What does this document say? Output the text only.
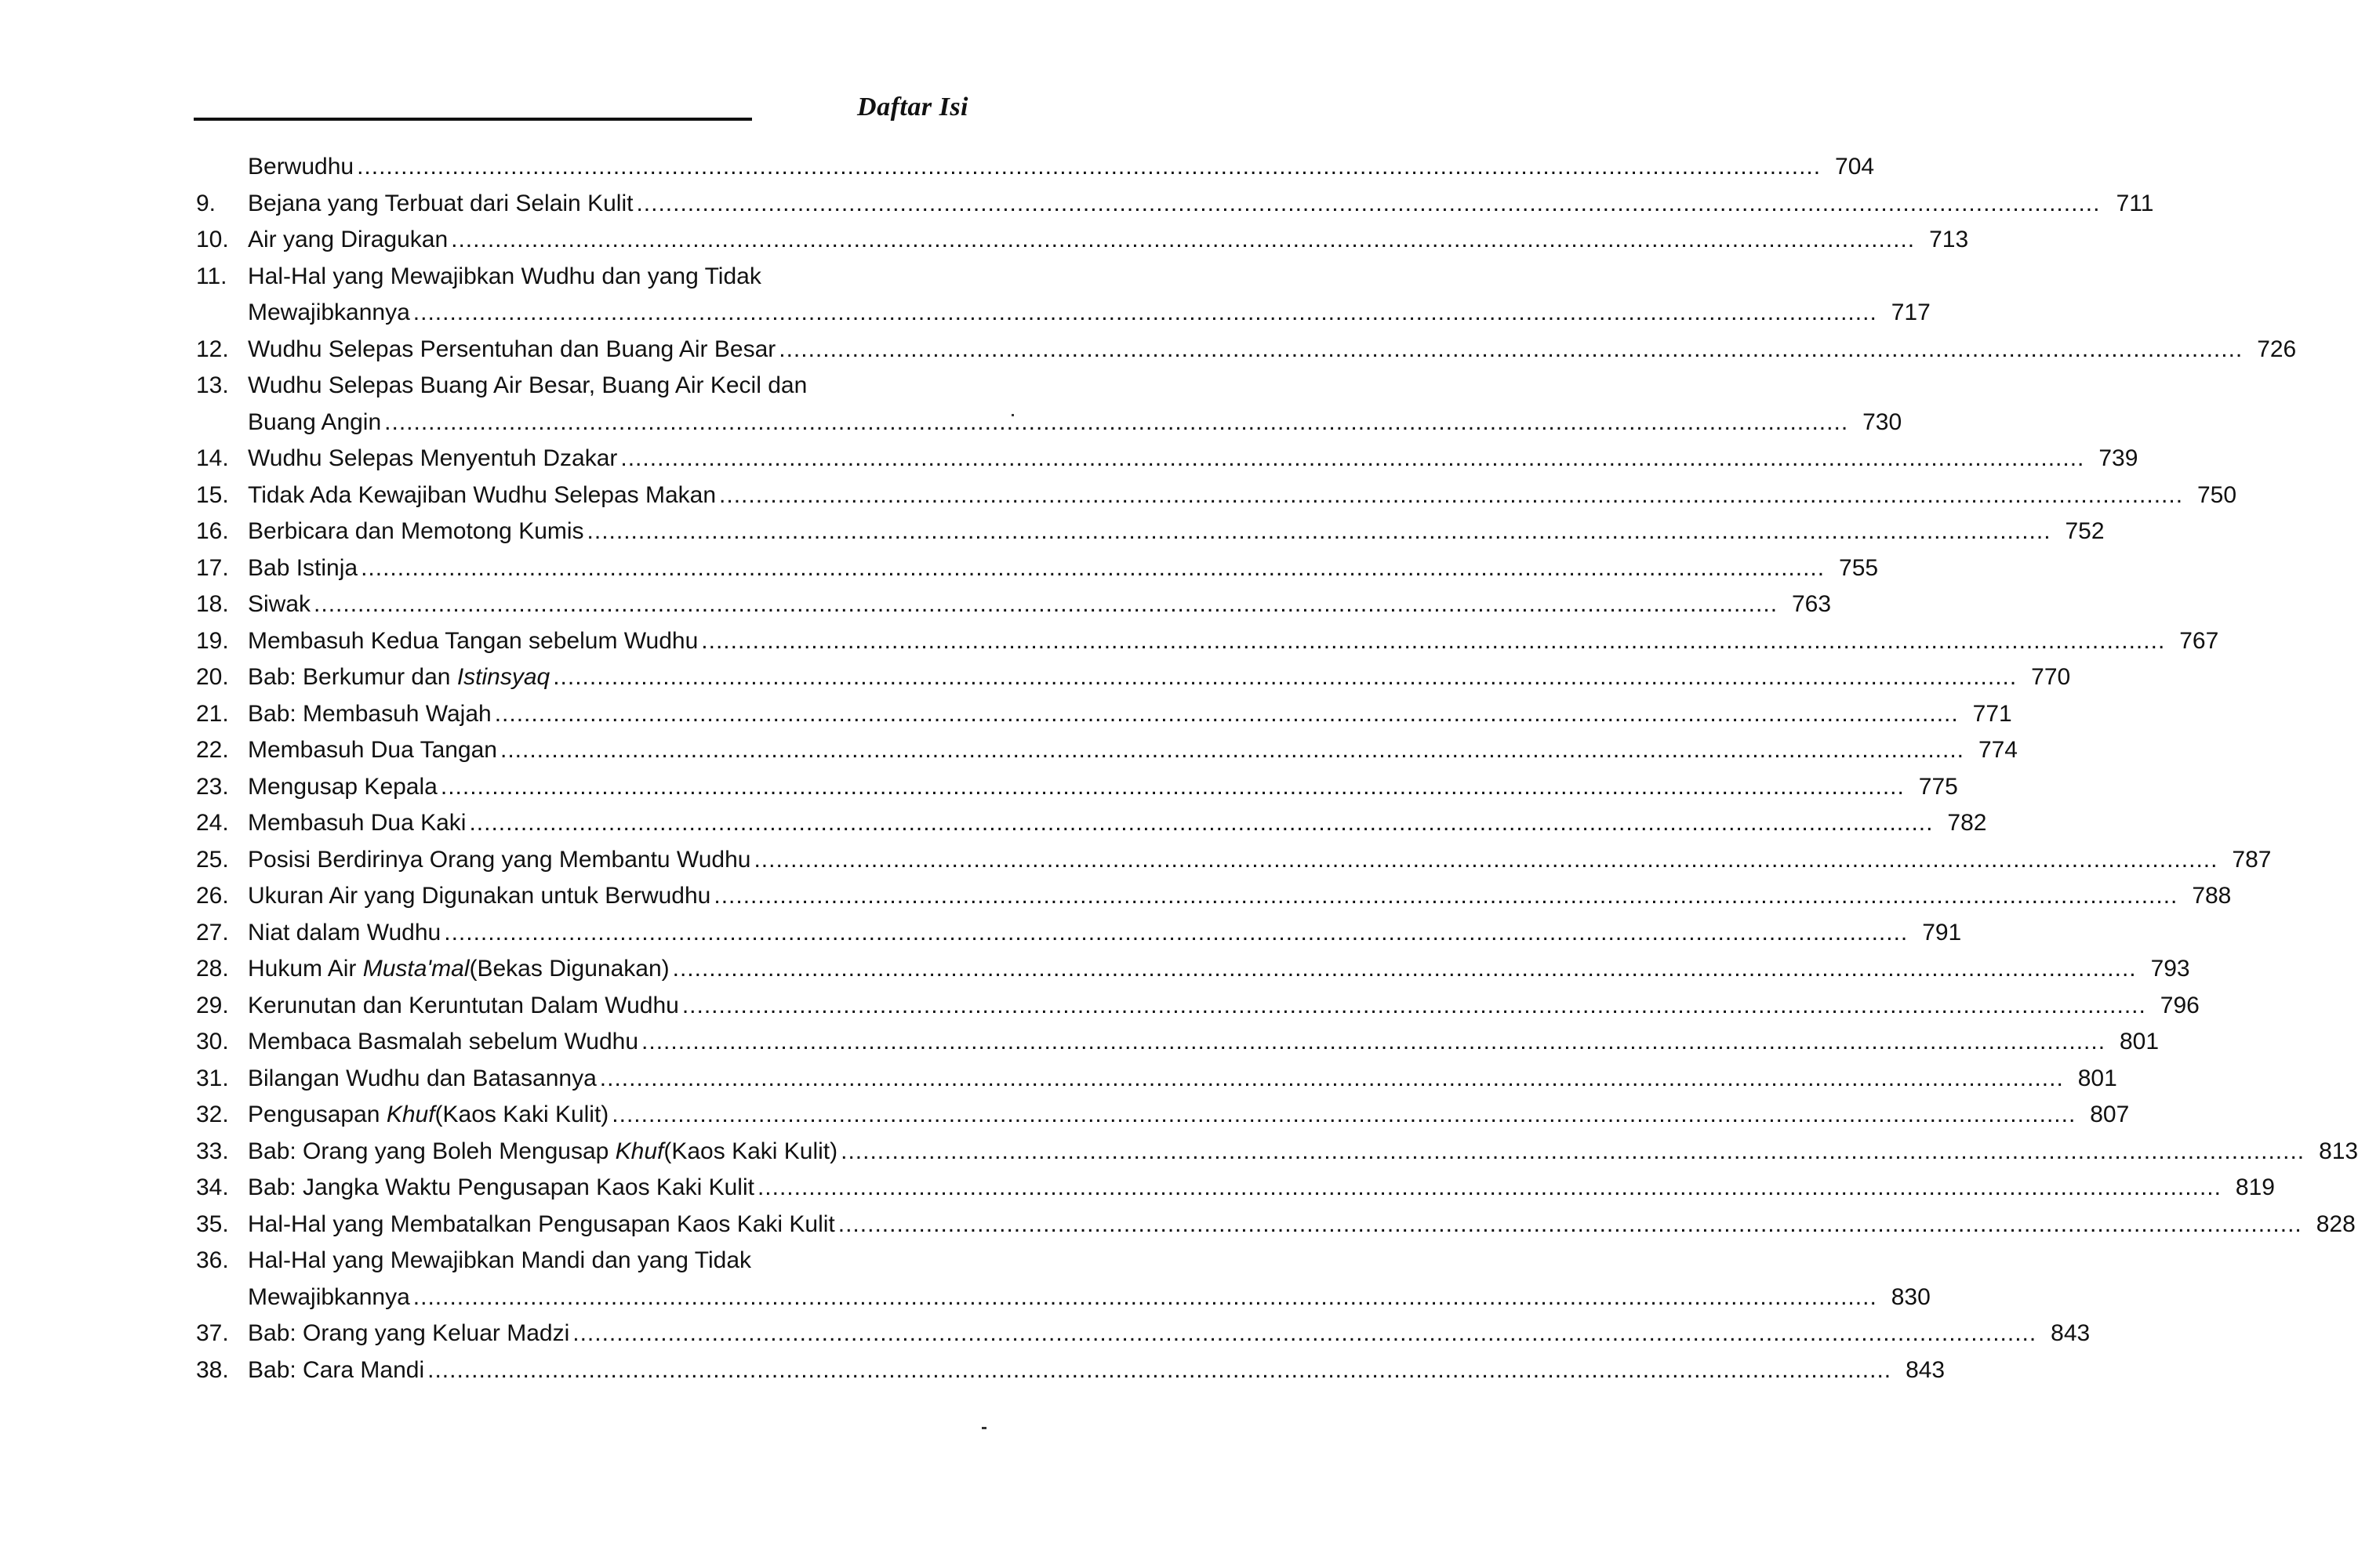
Daftar Isi
Berwudhu .....	704
9.	Bejana yang Terbuat dari Selain Kulit .....	711
10. Air yang Diragukan .....	713
11. Hal-Hal yang Mewajibkan Wudhu dan yang Tidak
Mewajibkannya .....	717
12. Wudhu Selepas Persentuhan dan Buang Air Besar .....	726
13. Wudhu Selepas Buang Air Besar, Buang Air Kecil dan
Buang Angin .....	730
14. Wudhu Selepas Menyentuh Dzakar .....	739
15. Tidak Ada Kewajiban Wudhu Selepas Makan .....	750
16. Berbicara dan Memotong Kumis .....	752
17. Bab Istinja .....	755
18. Siwak .....	763
19. Membasuh Kedua Tangan sebelum Wudhu .....	767
20. Bab: Berkumur dan Istinsyaq .....	770
21. Bab: Membasuh Wajah .....	771
22. Membasuh Dua Tangan .....	774
23. Mengusap Kepala .....	775
24. Membasuh Dua Kaki .....	782
25. Posisi Berdirinya Orang yang Membantu Wudhu .....	787
26. Ukuran Air yang Digunakan untuk Berwudhu .....	788
27. Niat dalam Wudhu .....	791
28. Hukum Air Musta'mal(Bekas Digunakan) .....	793
29. Kerunutan dan Keruntutan Dalam Wudhu .....	796
30. Membaca Basmalah sebelum Wudhu .....	801
31. Bilangan Wudhu dan Batasannya .....	801
32. Pengusapan Khuf(Kaos Kaki Kulit) .....	807
33. Bab: Orang yang Boleh Mengusap Khuf(Kaos Kaki Kulit) .....	813
34. Bab: Jangka Waktu Pengusapan Kaos Kaki Kulit .....	819
35. Hal-Hal yang Membatalkan Pengusapan Kaos Kaki Kulit .....	828
36. Hal-Hal yang Mewajibkan Mandi dan yang Tidak
Mewajibkannya .....	830
37. Bab: Orang yang Keluar Madzi .....	843
38. Bab: Cara Mandi .....	843
